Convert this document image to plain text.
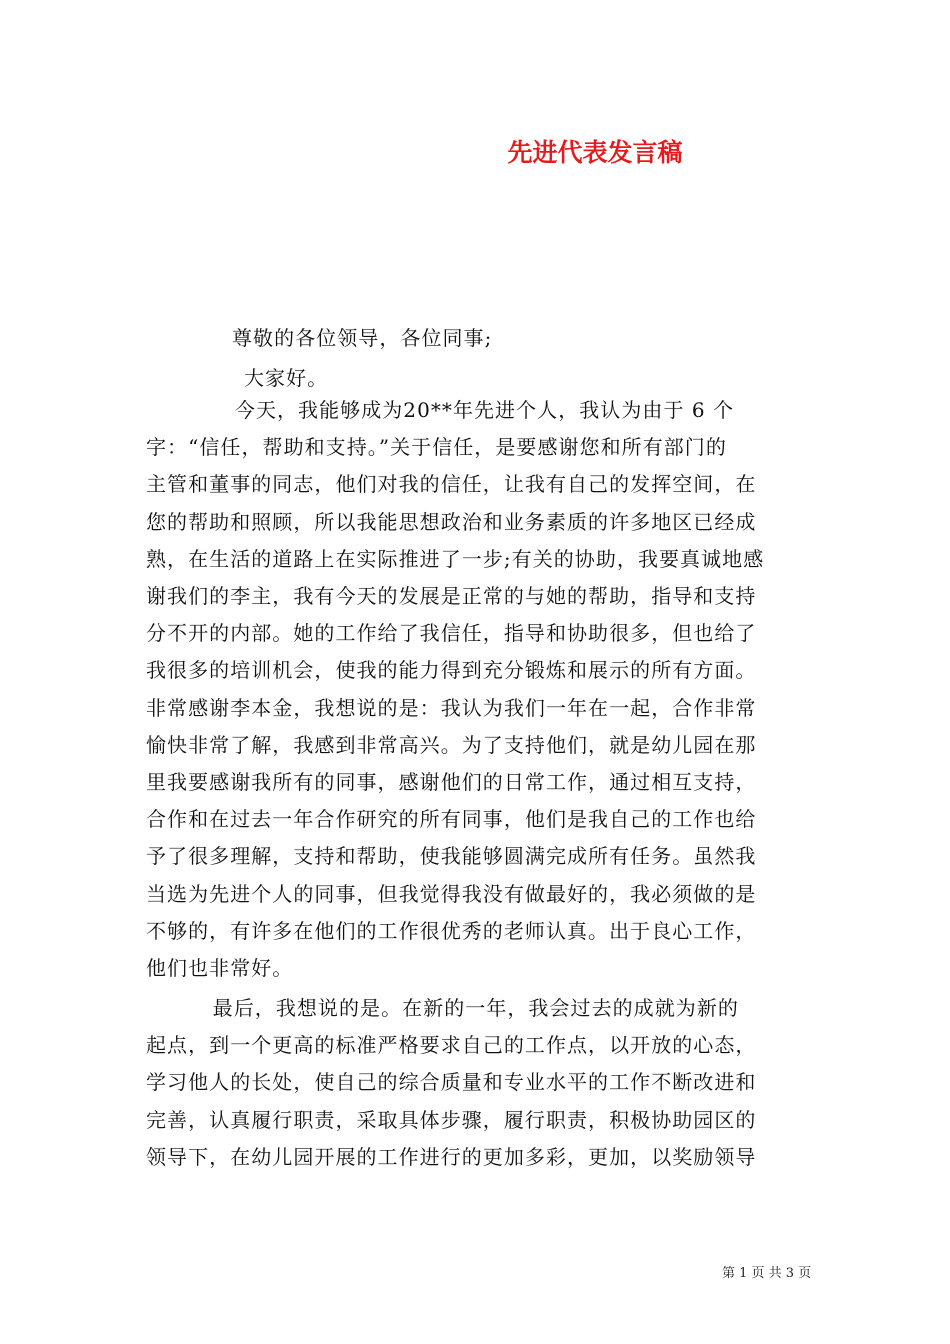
先进代表发言稿
尊敬的各位领导，各位同事;
大家好。
今天，我能够成为20**年先进个人，我认为由于 6 个
字：“信任，帮助和支持。”关于信任，是要感谢您和所有部门的
主管和董事的同志，他们对我的信任，让我有自己的发挥空间，在
您的帮助和照顾，所以我能思想政治和业务素质的许多地区已经成
熟，在生活的道路上在实际推进了一步;有关的协助，我要真诚地感
谢我们的李主，我有今天的发展是正常的与她的帮助，指导和支持
分不开的内部。她的工作给了我信任，指导和协助很多，但也给了
我很多的培训机会，使我的能力得到充分锻炼和展示的所有方面。
非常感谢李本金，我想说的是：我认为我们一年在一起，合作非常
愉快非常了解，我感到非常高兴。为了支持他们，就是幼儿园在那
里我要感谢我所有的同事，感谢他们的日常工作，通过相互支持，
合作和在过去一年合作研究的所有同事，他们是我自己的工作也给
予了很多理解，支持和帮助，使我能够圆满完成所有任务。虽然我
当选为先进个人的同事，但我觉得我没有做最好的，我必须做的是
不够的，有许多在他们的工作很优秀的老师认真。出于良心工作，
他们也非常好。
最后，我想说的是。在新的一年，我会过去的成就为新的
起点，到一个更高的标准严格要求自己的工作点，以开放的心态，
学习他人的长处，使自己的综合质量和专业水平的工作不断改进和
完善，认真履行职责，采取具体步骤，履行职责，积极协助园区的
领导下，在幼儿园开展的工作进行的更加多彩，更加，以奖励领导
第 1 页 共 3 页
